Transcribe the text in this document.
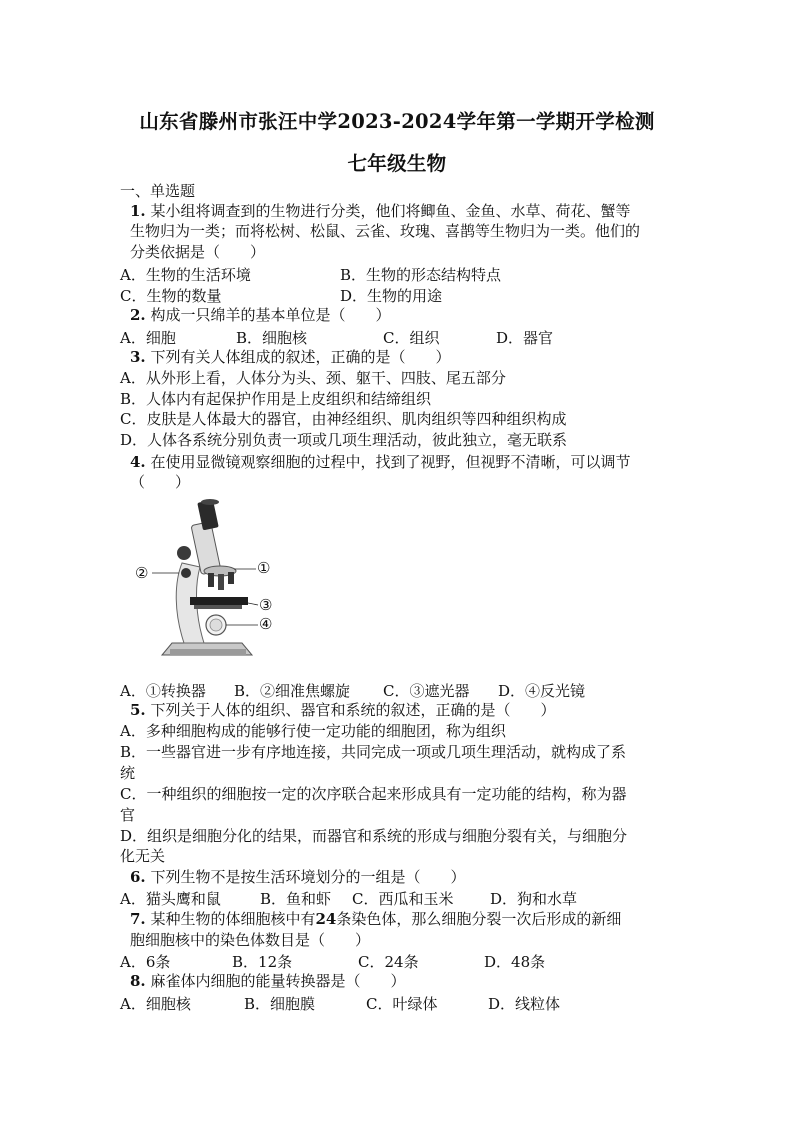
山东省滕州市张汪中学2023-2024学年第一学期开学检测
七年级生物
一、单选题
1. 某小组将调查到的生物进行分类，他们将鲫鱼、金鱼、水草、荷花、蟹等
生物归为一类；而将松树、松鼠、云雀、玫瑰、喜鹊等生物归为一类。他们的
分类依据是（　　）
A．生物的生活环境	B．生物的形态结构特点
C．生物的数量	D．生物的用途
2. 构成一只绵羊的基本单位是（　　）
A．细胞	B．细胞核	C．组织	D．器官
3. 下列有关人体组成的叙述，正确的是（　　）
A．从外形上看，人体分为头、颈、躯干、四肢、尾五部分
B．人体内有起保护作用是上皮组织和结缔组织
C．皮肤是人体最大的器官，由神经组织、肌肉组织等四种组织构成
D．人体各系统分别负责一项或几项生理活动，彼此独立，毫无联系
4. 在使用显微镜观察细胞的过程中，找到了视野，但视野不清晰，可以调节
（　　）
①
②
③
④
A．①转换器 B．②细准焦螺旋 C．③遮光器 D．④反光镜
5. 下列关于人体的组织、器官和系统的叙述，正确的是（　　）
A．多种细胞构成的能够行使一定功能的细胞团，称为组织
B．一些器官进一步有序地连接，共同完成一项或几项生理活动，就构成了系
统
C．一种组织的细胞按一定的次序联合起来形成具有一定功能的结构，称为器
官
D．组织是细胞分化的结果，而器官和系统的形成与细胞分裂有关，与细胞分
化无关
6. 下列生物不是按生活环境划分的一组是（　　）
A．猫头鹰和鼠	B．鱼和虾 C．西瓜和玉米 D．狗和水草
7. 某种生物的体细胞核中有24条染色体，那么细胞分裂一次后形成的新细
胞细胞核中的染色体数目是（　　）
A．6条	B．12条	C．24条	D．48条
8. 麻雀体内细胞的能量转换器是（　　）
A．细胞核	B．细胞膜	C．叶绿体	D．线粒体
